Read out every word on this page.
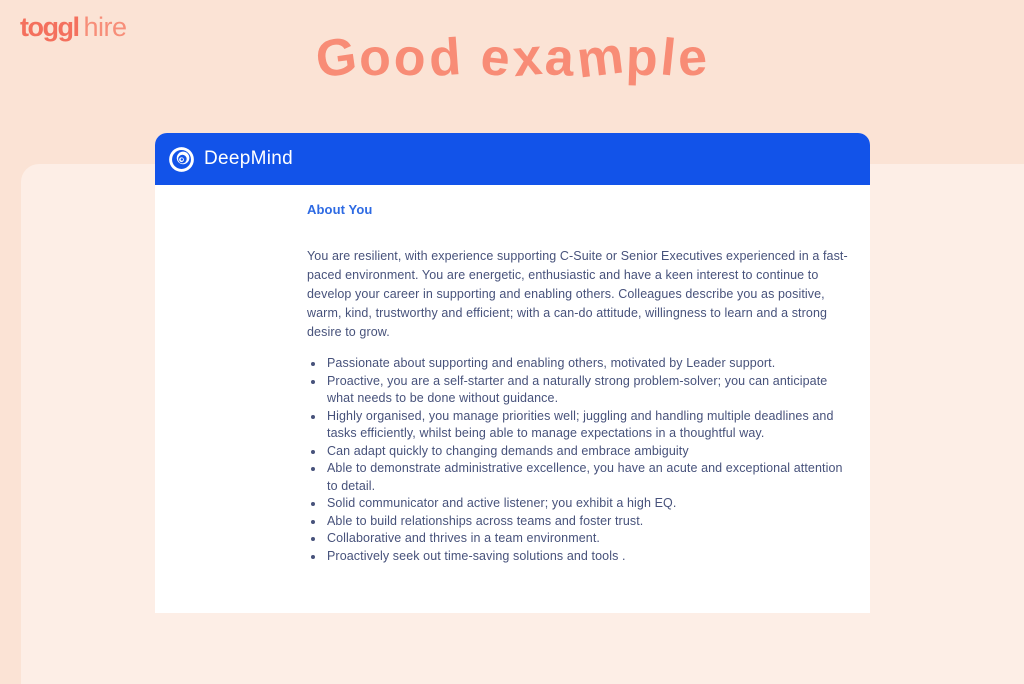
toggl hire	Good example
DeepMind
About You

You are resilient, with experience supporting C-Suite or Senior Executives experienced in a fast-paced environment. You are energetic, enthusiastic and have a keen interest to continue to develop your career in supporting and enabling others. Colleagues describe you as positive, warm, kind, trustworthy and efficient; with a can-do attitude, willingness to learn and a strong desire to grow.

• Passionate about supporting and enabling others, motivated by Leader support.
• Proactive, you are a self-starter and a naturally strong problem-solver; you can anticipate what needs to be done without guidance.
• Highly organised, you manage priorities well; juggling and handling multiple deadlines and tasks efficiently, whilst being able to manage expectations in a thoughtful way.
• Can adapt quickly to changing demands and embrace ambiguity
• Able to demonstrate administrative excellence, you have an acute and exceptional attention to detail.
• Solid communicator and active listener; you exhibit a high EQ.
• Able to build relationships across teams and foster trust.
• Collaborative and thrives in a team environment.
• Proactively seek out time-saving solutions and tools .
